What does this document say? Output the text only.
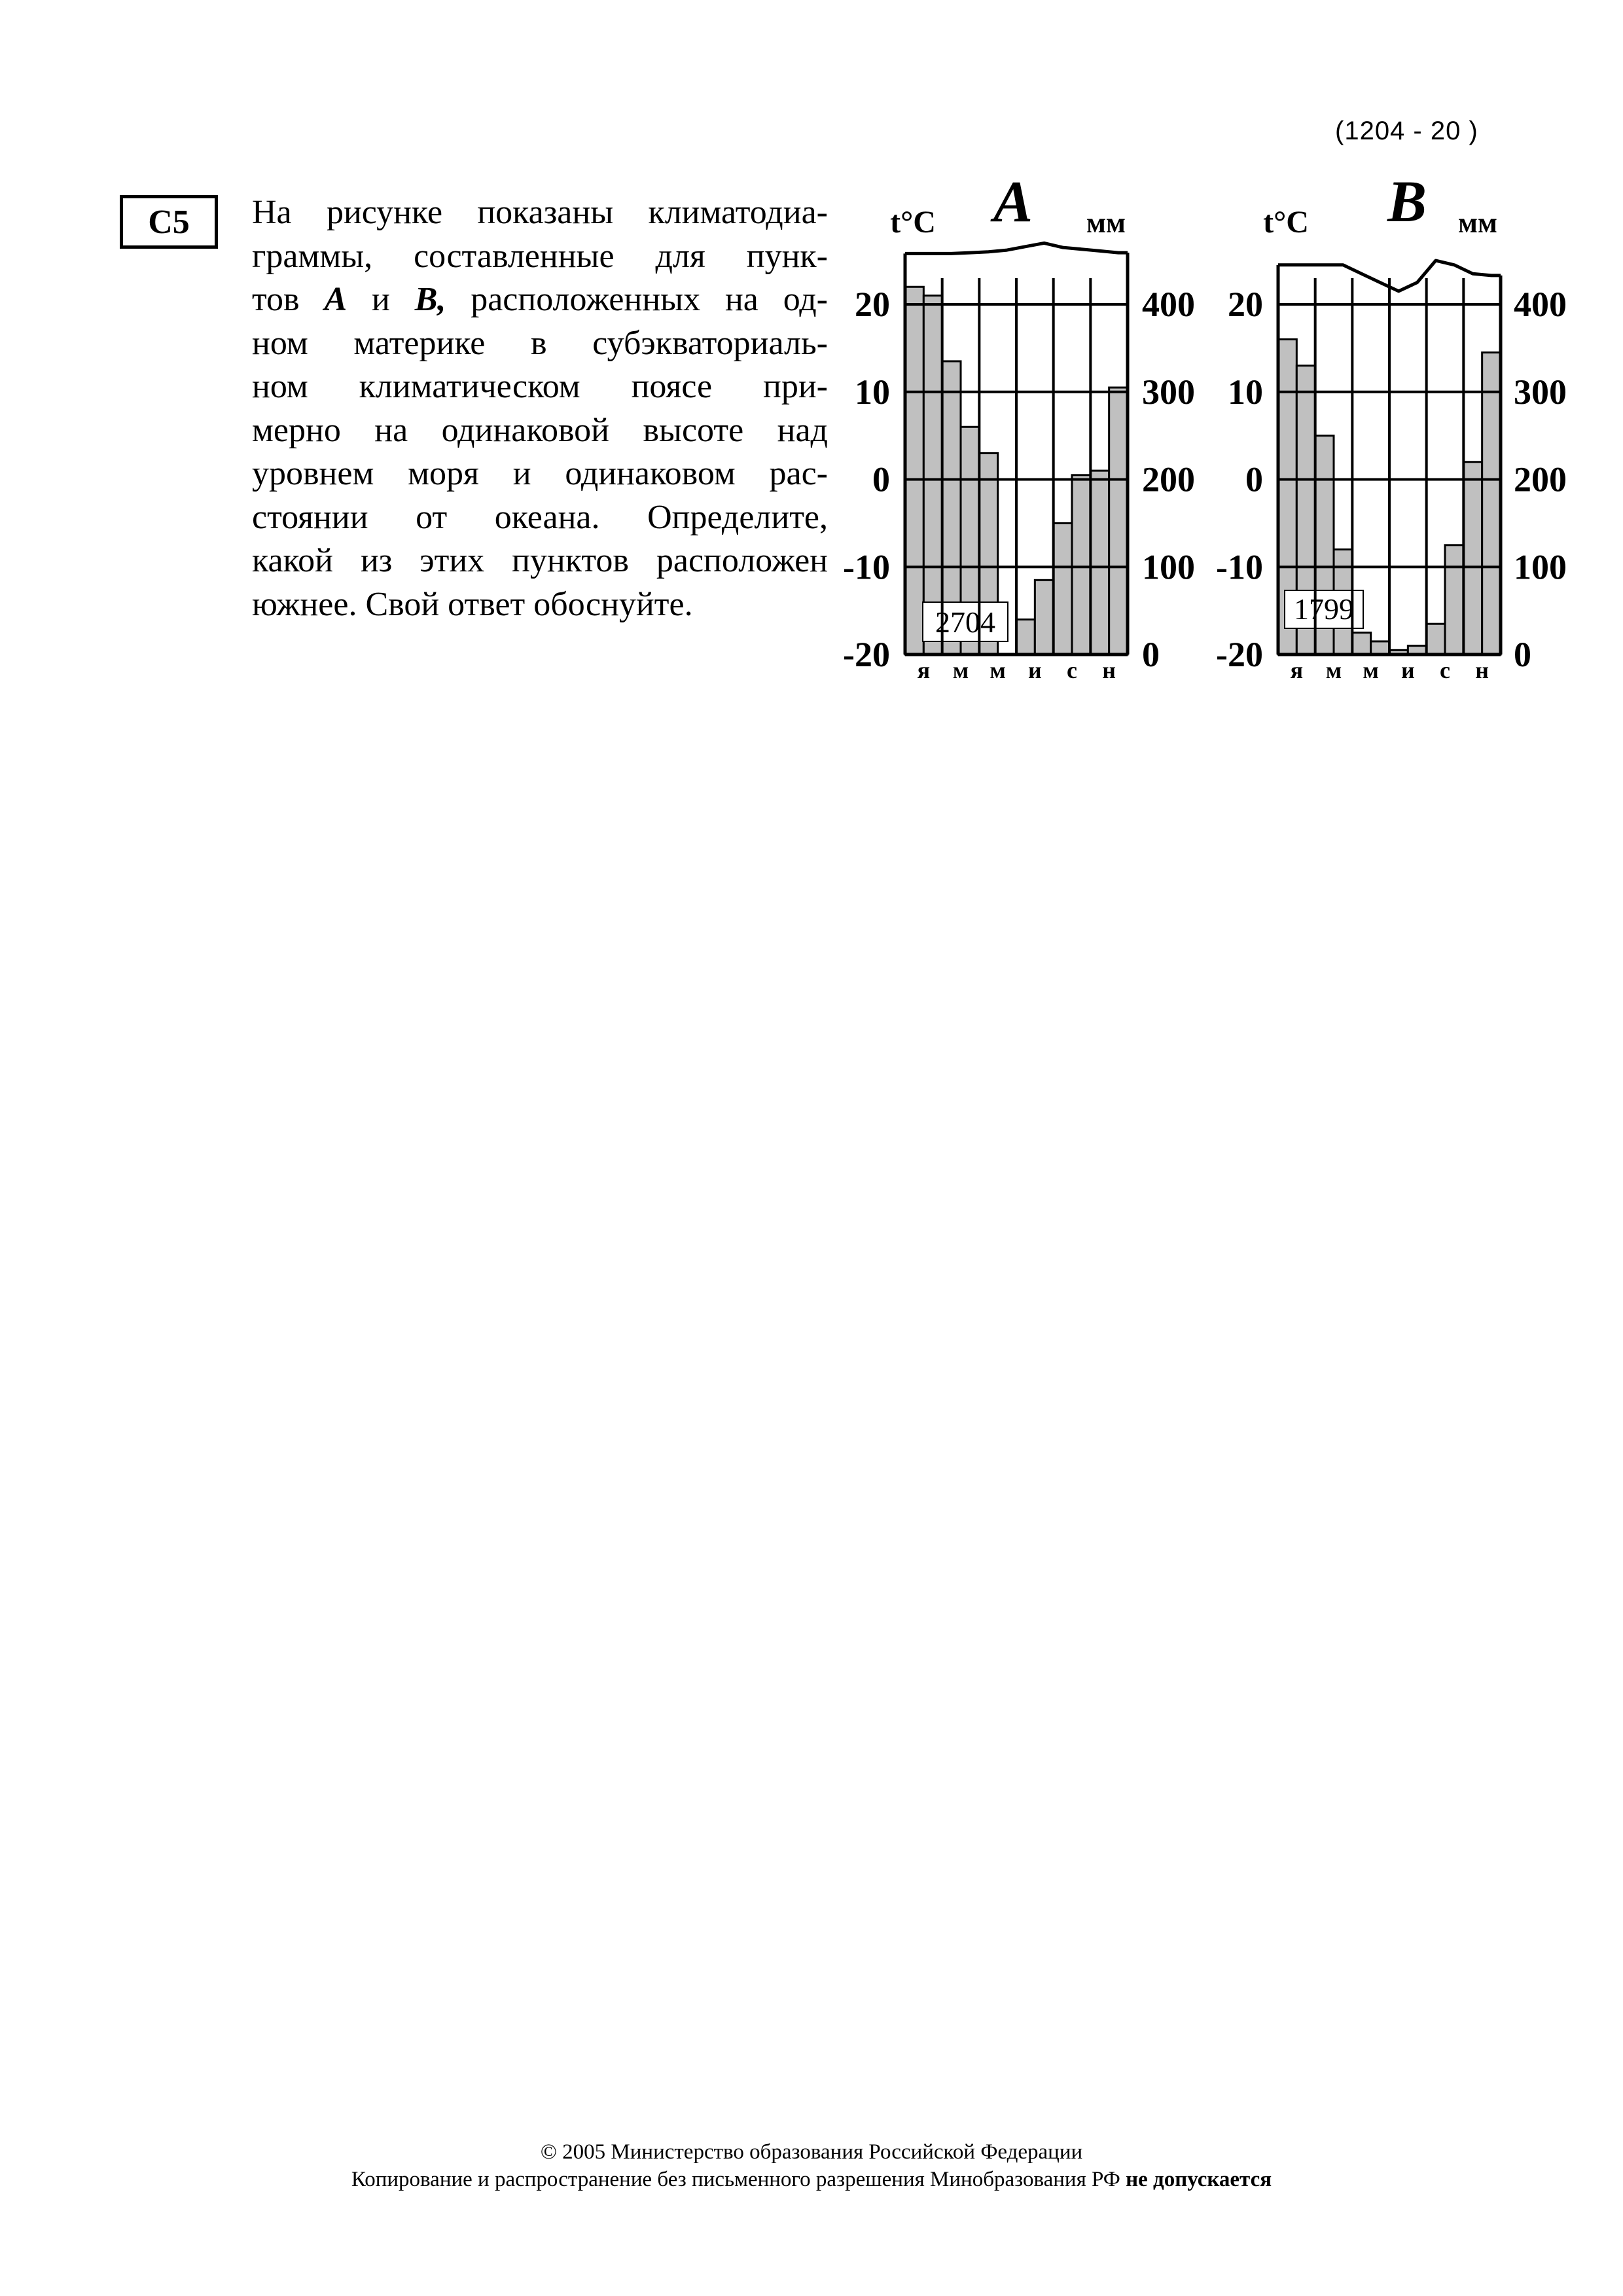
(1204 - 20 )
C5 На рисунке показаны климатодиа-
граммы, составленные для пунк-
тов A и B, расположенных на од-
ном материке в субэкваториаль-
ном климатическом поясе при-
мерно на одинаковой высоте над
уровнем моря и одинаковом рас-
стоянии от океана. Определите,
какой из этих пунктов расположен
южнее. Свой ответ обоснуйте.	2704
20
10
0
-10
-20
400
300
200
100
0
я м м и с н
t°C	мм
A
1799
20
10
0
-10
-20
400
300
200
100
0
я м м и с н
t°C	мм
B
© 2005 Министерство образования Российской Федерации
Копирование и распространение без письменного разрешения Минобразования РФ не допускается
